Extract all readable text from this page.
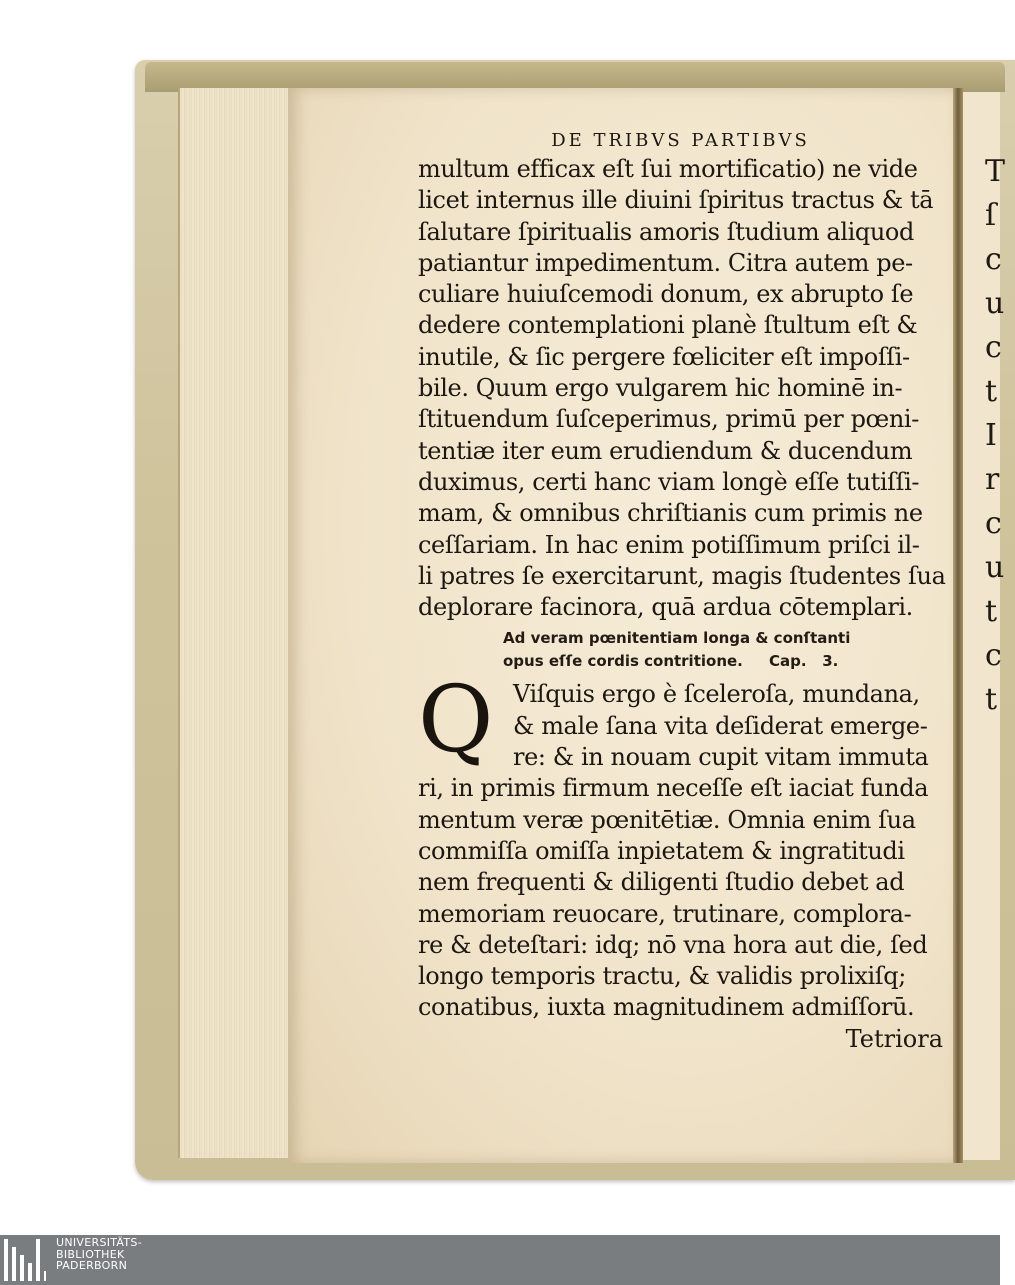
T
ſ
c
u
c
t
I
r
c
u
t
c
t
DE TRIBVS PARTIBVS
multum efficax eſt ſui mortificatio) ne vide
licet internus ille diuini ſpiritus tractus & tā
ſalutare ſpiritualis amoris ſtudium aliquod
patiantur impedimentum. Citra autem pe-
culiare huiuſcemodi donum, ex abrupto ſe
dedere contemplationi planè ſtultum eſt &
inutile, & ſic pergere fœliciter eſt impoſſi-
bile. Quum ergo vulgarem hic hominē in-
ſtituendum ſuſceperimus, primū per pœni-
tentiæ iter eum erudiendum & ducendum
duximus, certi hanc viam longè eſſe tutiſſi-
mam, & omnibus chriſtianis cum primis ne
ceſſariam. In hac enim potiſſimum priſci il-
li patres ſe exercitarunt, magis ſtudentes ſua
deplorare facinora, quā ardua cōtemplari.
Ad veram pœnitentiam longa & conſtanti
opus eſſe cordis contritione.     Cap.   3.
Q Viſquis ergo è ſceleroſa, mundana,
& male ſana vita deſiderat emerge-
re: & in nouam cupit vitam immuta
ri, in primis firmum neceſſe eſt iaciat funda
mentum veræ pœnitētiæ. Omnia enim ſua
commiſſa omiſſa inpietatem & ingratitudi
nem frequenti & diligenti ſtudio debet ad
memoriam reuocare, trutinare, complora-
re & deteſtari: idq; nō vna hora aut die, ſed
longo temporis tractu, & validis prolixiſq;
conatibus, iuxta magnitudinem admiſſorū.
Tetriora
UNIVERSITÄTS-
BIBLIOTHEK
PADERBORN
